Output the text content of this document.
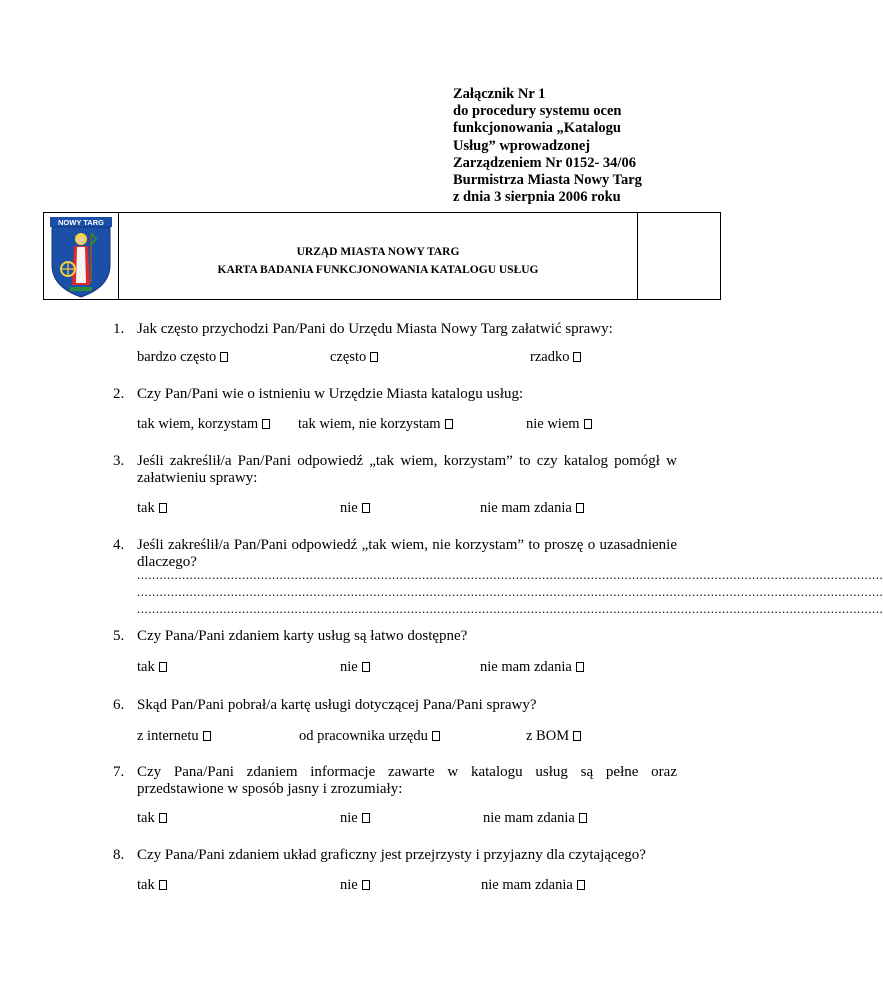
Załącznik Nr 1
do procedury systemu ocen
funkcjonowania „Katalogu
Usług” wprowadzonej
Zarządzeniem Nr 0152- 34/06
Burmistrza Miasta Nowy Targ
z dnia 3 sierpnia 2006 roku
NOWY TARG
URZĄD MIASTA NOWY TARG
KARTA BADANIA FUNKCJONOWANIA KATALOGU USŁUG
1. Jak często przychodzi Pan/Pani do Urzędu Miasta Nowy Targ załatwić sprawy:
bardzo często	często	rzadko
2. Czy Pan/Pani wie o istnieniu w Urzędzie Miasta katalogu usług:
tak wiem, korzystam	tak wiem, nie korzystam	nie wiem
3. Jeśli zakreślił/a Pan/Pani odpowiedź „tak wiem, korzystam” to czy katalog pomógł w załatwieniu sprawy:
tak	nie	nie mam zdania
4. Jeśli zakreślił/a Pan/Pani odpowiedź „tak wiem, nie korzystam” to proszę o uzasadnienie dlaczego?
.......................................................................................................................................................................................................
.......................................................................................................................................................................................................
.......................................................................................................................................................................................................
5. Czy Pana/Pani zdaniem karty usług są łatwo dostępne?
tak	nie	nie mam zdania
6. Skąd Pan/Pani pobrał/a kartę usługi dotyczącej Pana/Pani sprawy?
z internetu	od pracownika urzędu	z BOM
7. Czy Pana/Pani zdaniem informacje zawarte w katalogu usług są pełne oraz przedstawione w sposób jasny i zrozumiały:
tak	nie	nie mam zdania
8. Czy Pana/Pani zdaniem układ graficzny jest przejrzysty i przyjazny dla czytającego?
tak	nie	nie mam zdania
